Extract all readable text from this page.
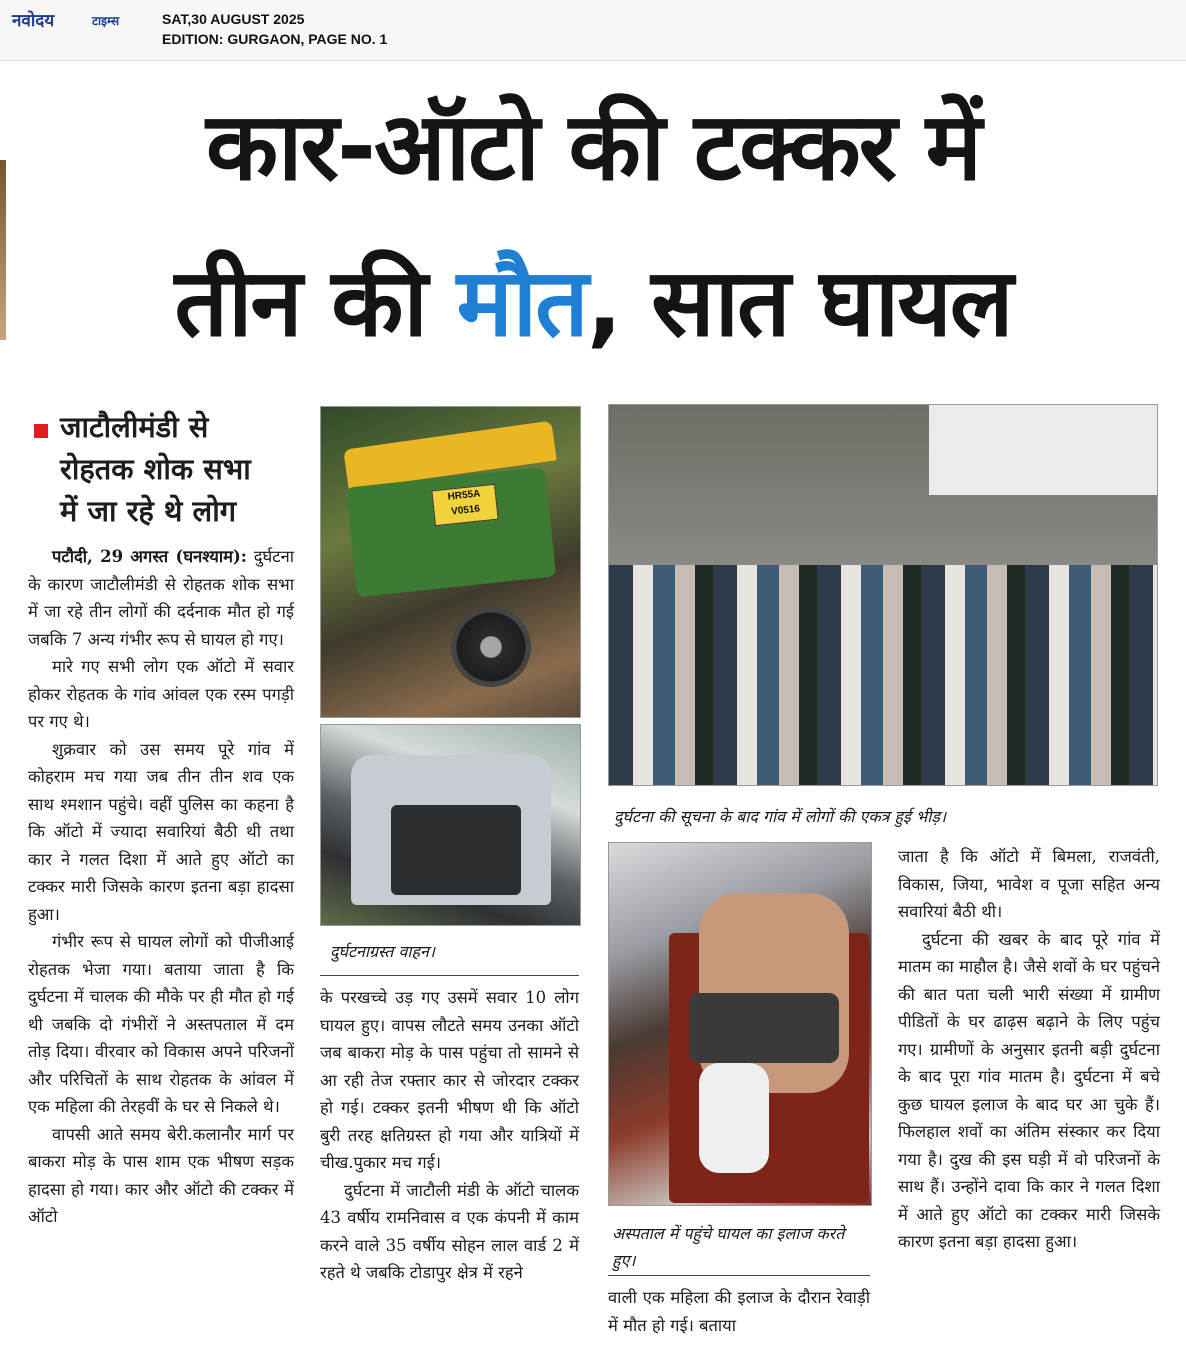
नवोदय	टाइम्स	SAT,30 AUGUST 2025
EDITION: GURGAON, PAGE NO. 1
कार-ऑटो की टक्कर में
तीन की मौत, सात घायल
जाटौलीमंडी से
रोहतक शोक सभा
में जा रहे थे लोग

पटौदी, 29 अगस्त (घनश्याम): दुर्घटना के कारण जाटौलीमंडी से रोहतक शोक सभा में जा रहे तीन लोगों की दर्दनाक मौत हो गई जबकि 7 अन्य गंभीर रूप से घायल हो गए।

मारे गए सभी लोग एक ऑटो में सवार होकर रोहतक के गांव आंवल एक रस्म पगड़ी पर गए थे।

शुक्रवार को उस समय पूरे गांव में कोहराम मच गया जब तीन तीन शव एक साथ श्मशान पहुंचे। वहीं पुलिस का कहना है कि ऑटो में ज्यादा सवारियां बैठी थी तथा कार ने गलत दिशा में आते हुए ऑटो का टक्कर मारी जिसके कारण इतना बड़ा हादसा हुआ।

गंभीर रूप से घायल लोगों को पीजीआई रोहतक भेजा गया। बताया जाता है कि दुर्घटना में चालक की मौके पर ही मौत हो गई थी जबकि दो गंभीरों ने अस्तपताल में दम तोड़ दिया। वीरवार को विकास अपने परिजनों और परिचितों के साथ रोहतक के आंवल में एक महिला की तेरहवीं के घर से निकले थे।

वापसी आते समय बेरी.कलानौर मार्ग पर बाकरा मोड़ के पास शाम एक भीषण सड़क हादसा हो गया। कार और ऑटो की टक्कर में ऑटो

HR55A
V0516
दुर्घटनाग्रस्त वाहन।

के परखच्चे उड़ गए उसमें सवार 10 लोग घायल हुए। वापस लौटते समय उनका ऑटो जब बाकरा मोड़ के पास पहुंचा तो सामने से आ रही तेज रफ्तार कार से जोरदार टक्कर हो गई। टक्कर इतनी भीषण थी कि ऑटो बुरी तरह क्षतिग्रस्त हो गया और यात्रियों में चीख.पुकार मच गई।

दुर्घटना में जाटौली मंडी के ऑटो चालक 43 वर्षीय रामनिवास व एक कंपनी में काम करने वाले 35 वर्षीय सोहन लाल वार्ड 2 में रहते थे जबकि टोडापुर क्षेत्र में रहने

दुर्घटना की सूचना के बाद गांव में लोगों की एकत्र हुई भीड़।
अस्पताल में पहुंचे घायल का इलाज करते हुए।

वाली एक महिला की इलाज के दौरान रेवाड़ी में मौत हो गई। बताया

जाता है कि ऑटो में बिमला, राजवंती, विकास, जिया, भावेश व पूजा सहित अन्य सवारियां बैठी थी।

दुर्घटना की खबर के बाद पूरे गांव में मातम का माहौल है। जैसे शवों के घर पहुंचने की बात पता चली भारी संख्या में ग्रामीण पीडितों के घर ढाढ़स बढ़ाने के लिए पहुंच गए। ग्रामीणों के अनुसार इतनी बड़ी दुर्घटना के बाद पूरा गांव मातम है। दुर्घटना में बचे कुछ घायल इलाज के बाद घर आ चुके हैं। फिलहाल शवों का अंतिम संस्कार कर दिया गया है। दुख की इस घड़ी में वो परिजनों के साथ हैं। उन्होंने दावा कि कार ने गलत दिशा में आते हुए ऑटो का टक्कर मारी जिसके कारण इतना बड़ा हादसा हुआ।
